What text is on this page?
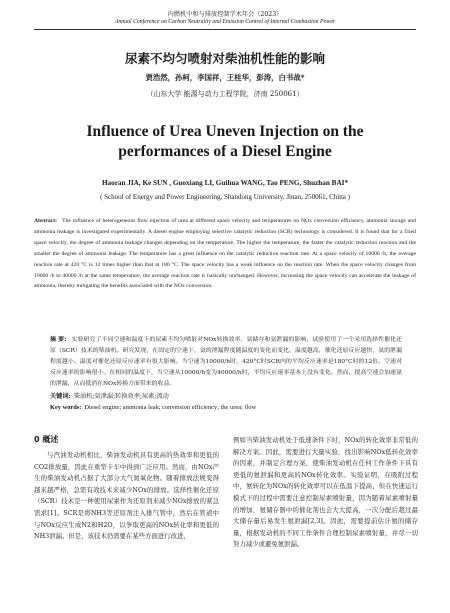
内燃机中和与排放控制学术年会（2023）
Annual Conference on Carbon Neutrality and Emission Control of Internal Combustion Power
尿素不均匀喷射对柴油机性能的影响
贾浩然，孙柯，李国祥，王桂华，彭涛，白书战*
（山东大学 能源与动力工程学院，济南 250061）
Influence of Urea Uneven Injection on the performances of a Diesel Engine
Haoran JIA, Ke SUN , Guoxiang LI, Guihua WANG, Tao PENG, Shuzhan BAI*
( School of Energy and Power Engineering, Shandong University, Jinan, 250061, China )
Abstract: The influence of heterogeneous flow injection of urea at different space velocity and temperatures on NOx conversion efficiency, ammonia storage and ammonia leakage is investigated experimentally. A diesel engine employing selective catalytic reduction (SCR) technology is considered. It is found that for a fixed space velocity, the degree of ammonia leakage changes depending on the temperature. The higher the temperature, the faster the catalytic reduction reaction and the smaller the degree of ammonia leakage. The temperature has a great influence on the catalytic reduction reaction rate. At a space velocity of 10000 /h, the average reaction rate at 420 °C is 12 times higher than that at 180 °C. The space velocity has a weak influence on the reaction rate. When the space velocity changes from 10000 /h to 40000 /h at the same temperature, the average reaction rate is basically unchanged. However, increasing the space velocity can accelerate the leakage of ammonia, thereby mitigating the benefits associated with the NOx conversion.
摘 要: 实验研究了不同空速和温度下的尿素不均匀喷射对NOx转换效率、氨储存和氨泄漏的影响，试验使用了一个采用选择性催化还原（SCR）技术的柴油机。研究发现，在固定的空速下，氨的泄漏程度随温度的变化而变化。温度越高，催化还原反应越快，氨的泄漏程度越小。温度对催化还原反应速率有很大影响。当空速为10000/h时，420°C时SCR内的平均反应速率是180°C时的12倍。空速对反应速率的影响很小。在相同的温度下，当空速从10000/h变为40000/h时，平均反应速率基本上没有变化。然而，提高空速会加速氨的泄漏，从而抵消在NOx转换方面带来的收益。
关键词: 柴油机;氨泄漏;转换效率;尿素;流动
Key words: Diesel engine; ammonia leak; conversion efficiency; the urea; flow
0 概述
与汽油发动机相比，柴油发动机具有更高的热效率和更低的CO2排放量，因此在重型卡车中得到广泛应用。然而，由NOx产生的柴油发动机占据了大部分大气氮氧化物。随着排放法规变得越来越严格，急需有效技术来减少NOx的排放。选择性催化还原（SCR）技术是一种使用尿素作为还原剂来减少NOx排放的紧急需求[1]。SCR是将NH3等还原剂注入排气管中，然后在管道中与NOx反应生成N2和H2O，以争取更高的NOx转化率和更低的NH3泄漏。但是，该技术仍需要在某些方面进行改进，
例如当柴油发动机处于低速条件下时，NOx的转化效率非常低的解决方案。因此，需要进行大量实验，找出影响NOx低转化效率的因素，并制定合理方案，使柴油发动机在任何工作条件下具有更低的氨泄漏和更高的NOx转化效率。实验证明，在吸附过程中，氨转化为NOx的转化效率可以在低温下提高，但在快速运行模式下的过程中需要注意控制尿素喷射量，因为随着尿素喷射量的增加，氨储存器中的催化剂也会大大提高，一次分配后超过最大储存量后易发生氨泄漏[2,3]。因此，需要提前估计氨的储存量，根据发动机的不同工作条件合理控制尿素喷射量，并尽一切努力减少或避免氨泄漏。
